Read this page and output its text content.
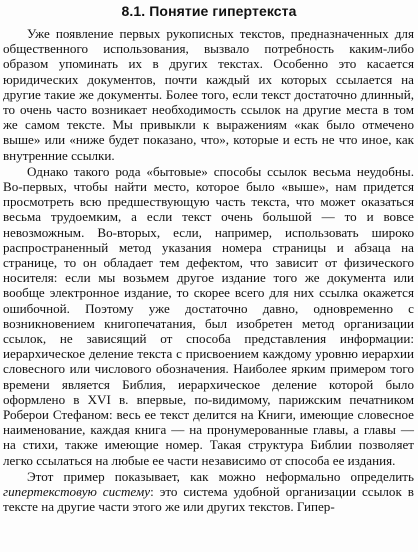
8.1. Понятие гипертекста

Уже появление первых рукописных текстов, предназначенных для общественного использования, вызвало потребность каким-либо образом упоминать их в других текстах. Особенно это касается юридических документов, почти каждый их которых ссылается на другие такие же документы. Более того, если текст достаточно длинный, то очень часто возникает необходимость ссылок на другие места в том же самом тексте. Мы привыкли к выражениям «как было отмечено выше» или «ниже будет показано, что», которые и есть не что иное, как внутренние ссылки.

Однако такого рода «бытовые» способы ссылок весьма неудобны. Во-первых, чтобы найти место, которое было «выше», нам придется просмотреть всю предшествующую часть текста, что может оказаться весьма трудоемким, а если текст очень большой — то и вовсе невозможным. Во-вторых, если, например, использовать широко распространенный метод указания номера страницы и абзаца на странице, то он обладает тем дефектом, что зависит от физического носителя: если мы возьмем другое издание того же документа или вообще электронное издание, то скорее всего для них ссылка окажется ошибочной. Поэтому уже достаточно давно, одновременно с возникновением книгопечатания, был изобретен метод организации ссылок, не зависящий от способа представления информации: иерархическое деление текста с присвоением каждому уровню иерархии словесного или числового обозначения. Наиболее ярким примером того времени является Библия, иерархическое деление которой было оформлено в XVI в. впервые, по-видимому, парижским печатником Роберои Стефаном: весь ее текст делится на Книги, имеющие словесное наименование, каждая книга — на пронумерованные главы, а главы — на стихи, также имеющие номер. Такая структура Библии позволяет легко ссылаться на любые ее части независимо от способа ее издания.

Этот пример показывает, как можно неформально определить гипертекстовую систему: это система удобной организации ссылок в тексте на другие части этого же или других текстов. Гипер-
